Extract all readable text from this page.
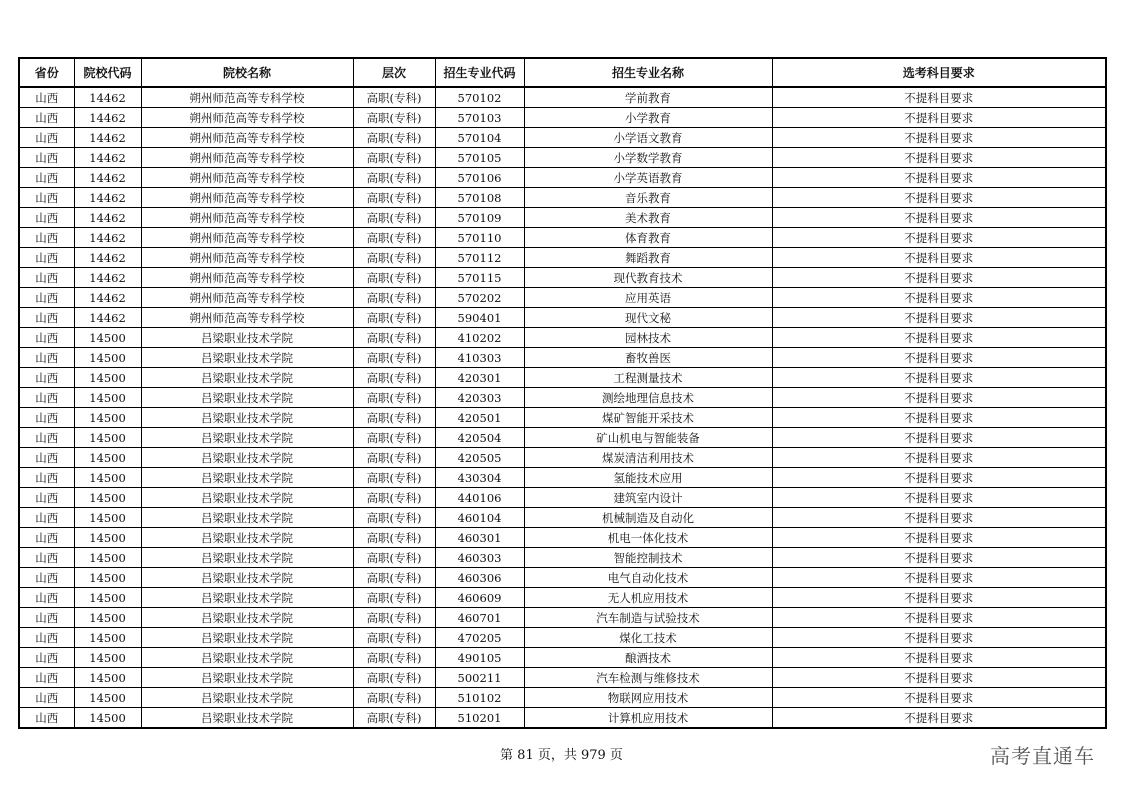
省份	院校代码	院校名称	层次	招生专业代码	招生专业名称	选考科目要求
山西	14462	朔州师范高等专科学校	高职(专科)	570102	学前教育	不提科目要求
山西	14462	朔州师范高等专科学校	高职(专科)	570103	小学教育	不提科目要求
山西	14462	朔州师范高等专科学校	高职(专科)	570104	小学语文教育	不提科目要求
山西	14462	朔州师范高等专科学校	高职(专科)	570105	小学数学教育	不提科目要求
山西	14462	朔州师范高等专科学校	高职(专科)	570106	小学英语教育	不提科目要求
山西	14462	朔州师范高等专科学校	高职(专科)	570108	音乐教育	不提科目要求
山西	14462	朔州师范高等专科学校	高职(专科)	570109	美术教育	不提科目要求
山西	14462	朔州师范高等专科学校	高职(专科)	570110	体育教育	不提科目要求
山西	14462	朔州师范高等专科学校	高职(专科)	570112	舞蹈教育	不提科目要求
山西	14462	朔州师范高等专科学校	高职(专科)	570115	现代教育技术	不提科目要求
山西	14462	朔州师范高等专科学校	高职(专科)	570202	应用英语	不提科目要求
山西	14462	朔州师范高等专科学校	高职(专科)	590401	现代文秘	不提科目要求
山西	14500	吕梁职业技术学院	高职(专科)	410202	园林技术	不提科目要求
山西	14500	吕梁职业技术学院	高职(专科)	410303	畜牧兽医	不提科目要求
山西	14500	吕梁职业技术学院	高职(专科)	420301	工程测量技术	不提科目要求
山西	14500	吕梁职业技术学院	高职(专科)	420303	测绘地理信息技术	不提科目要求
山西	14500	吕梁职业技术学院	高职(专科)	420501	煤矿智能开采技术	不提科目要求
山西	14500	吕梁职业技术学院	高职(专科)	420504	矿山机电与智能装备	不提科目要求
山西	14500	吕梁职业技术学院	高职(专科)	420505	煤炭清洁利用技术	不提科目要求
山西	14500	吕梁职业技术学院	高职(专科)	430304	氢能技术应用	不提科目要求
山西	14500	吕梁职业技术学院	高职(专科)	440106	建筑室内设计	不提科目要求
山西	14500	吕梁职业技术学院	高职(专科)	460104	机械制造及自动化	不提科目要求
山西	14500	吕梁职业技术学院	高职(专科)	460301	机电一体化技术	不提科目要求
山西	14500	吕梁职业技术学院	高职(专科)	460303	智能控制技术	不提科目要求
山西	14500	吕梁职业技术学院	高职(专科)	460306	电气自动化技术	不提科目要求
山西	14500	吕梁职业技术学院	高职(专科)	460609	无人机应用技术	不提科目要求
山西	14500	吕梁职业技术学院	高职(专科)	460701	汽车制造与试验技术	不提科目要求
山西	14500	吕梁职业技术学院	高职(专科)	470205	煤化工技术	不提科目要求
山西	14500	吕梁职业技术学院	高职(专科)	490105	酿酒技术	不提科目要求
山西	14500	吕梁职业技术学院	高职(专科)	500211	汽车检测与维修技术	不提科目要求
山西	14500	吕梁职业技术学院	高职(专科)	510102	物联网应用技术	不提科目要求
山西	14500	吕梁职业技术学院	高职(专科)	510201	计算机应用技术	不提科目要求
第 81 页，共 979 页	高考直通车
